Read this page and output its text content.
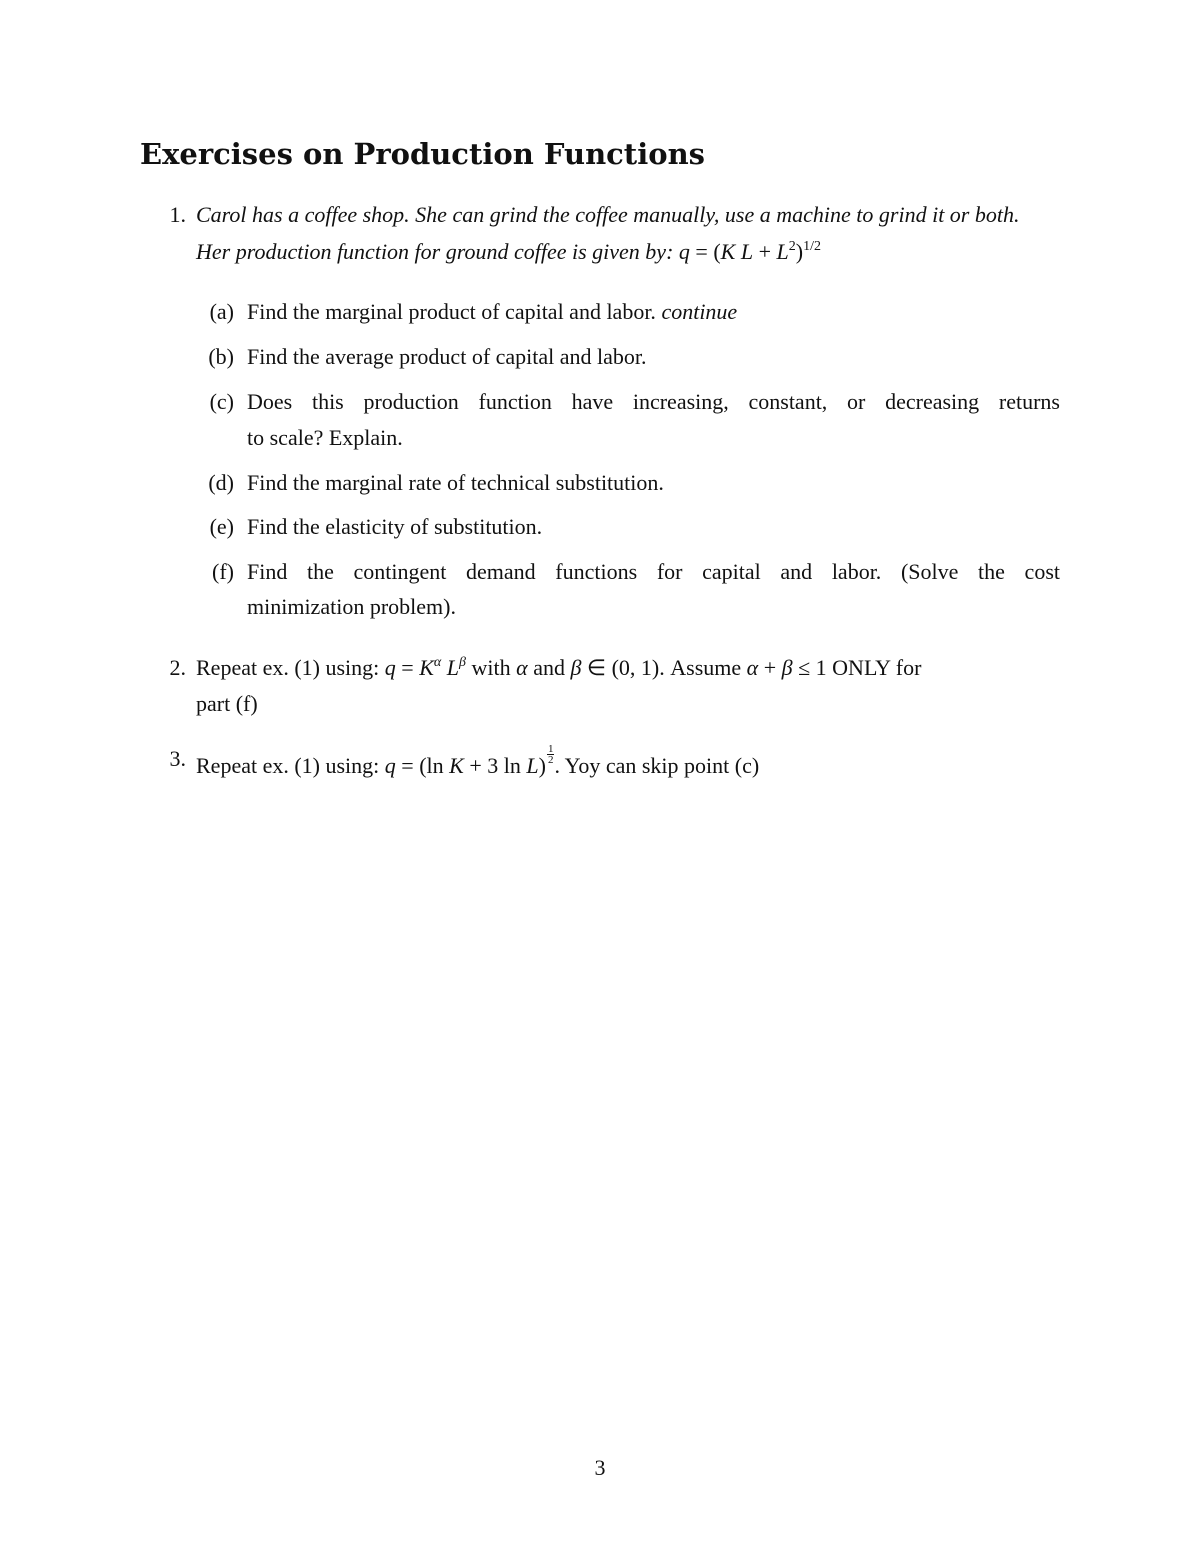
Exercises on Production Functions
1. Carol has a coffee shop. She can grind the coffee manually, use a machine to grind it or both.
Her production function for ground coffee is given by: q = (K $L + L^2)^{1/2}$
(a) Find the marginal product of capital and labor. continue
(b) Find the average product of capital and labor.
(c) Does this production function have increasing, constant, or decreasing returns
to scale? Explain.
(d) Find the marginal rate of technical substitution.
(e) Find the elasticity of substitution.
(f) Find the contingent demand functions for capital and labor. (Solve the cost
minimization problem).
2. Repeat ex. (1) using: $q = K^\alpha$ $L^\beta$ with α and β ∈ (0, 1). Assume α + β ≤ 1 ONLY for
part (f)
3. Repeat ex. (1) using: q = (ln K + 3 $\ln L) \frac{1}{2}$ . Yoy can skip point (c)
3
